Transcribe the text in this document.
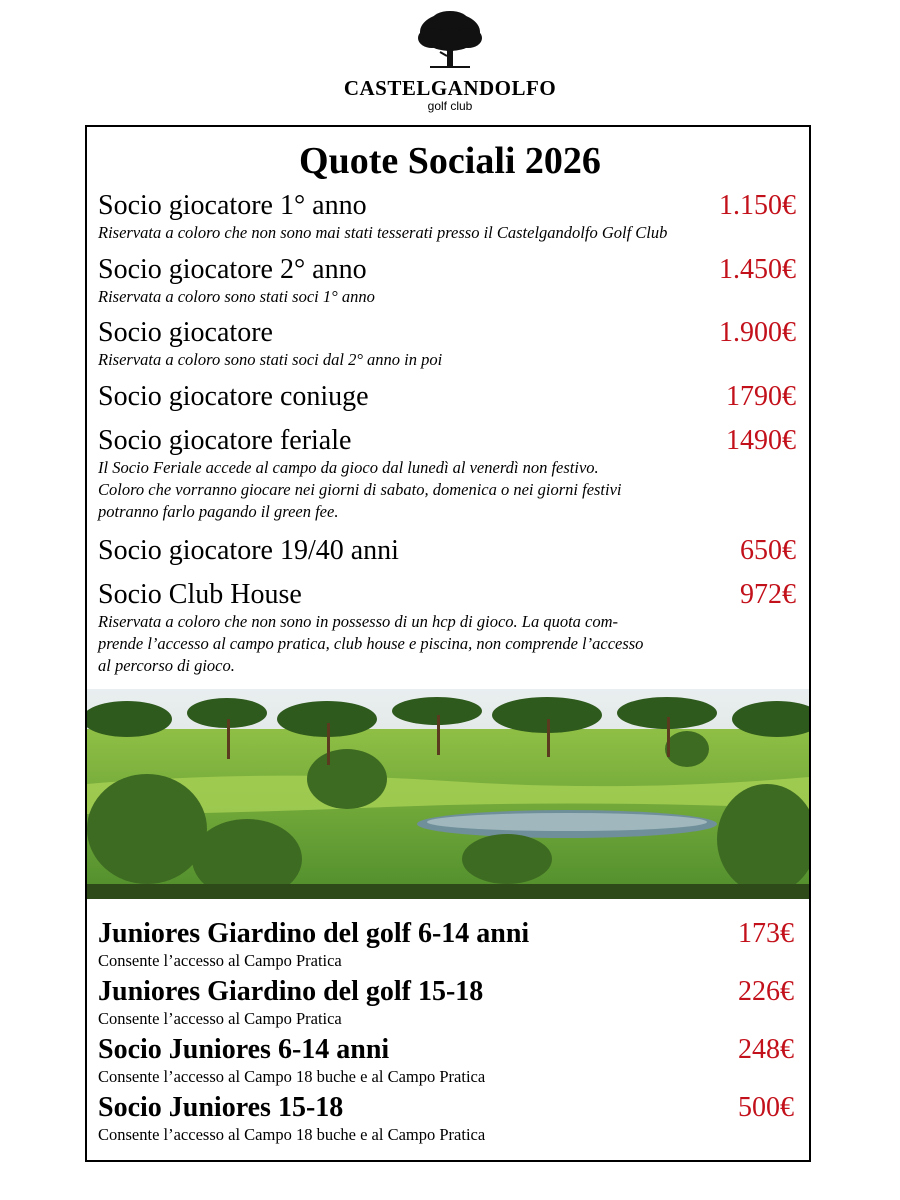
CASTELGANDOLFO
golf club
Quote Sociali 2026
Socio giocatore 1° anno	1.150€
Riservata a coloro che non sono mai stati tesserati presso il Castelgandolfo Golf Club
Socio giocatore 2° anno	1.450€
Riservata a coloro sono stati soci 1° anno
Socio giocatore	1.900€
Riservata a coloro sono stati soci dal 2° anno in poi
Socio giocatore coniuge	1790€
Socio giocatore feriale	1490€
Il Socio Feriale accede al campo da gioco dal lunedì al venerdì non festivo.
Coloro che vorranno giocare nei giorni di sabato, domenica o nei giorni festivi
potranno farlo pagando il green fee.
Socio giocatore 19/40 anni	650€
Socio Club House	972€
Riservata a coloro che non sono in possesso di un hcp di gioco. La quota com-
prende l’accesso al campo pratica, club house e piscina, non comprende l’accesso
al percorso di gioco.
Juniores Giardino del golf 6-14 anni	173€
Consente l’accesso al Campo Pratica
Juniores Giardino del golf 15-18	226€
Consente l’accesso al Campo Pratica
Socio Juniores 6-14 anni	248€
Consente l’accesso al Campo 18 buche e al Campo Pratica
Socio Juniores 15-18	500€
Consente l’accesso al Campo 18 buche e al Campo Pratica
